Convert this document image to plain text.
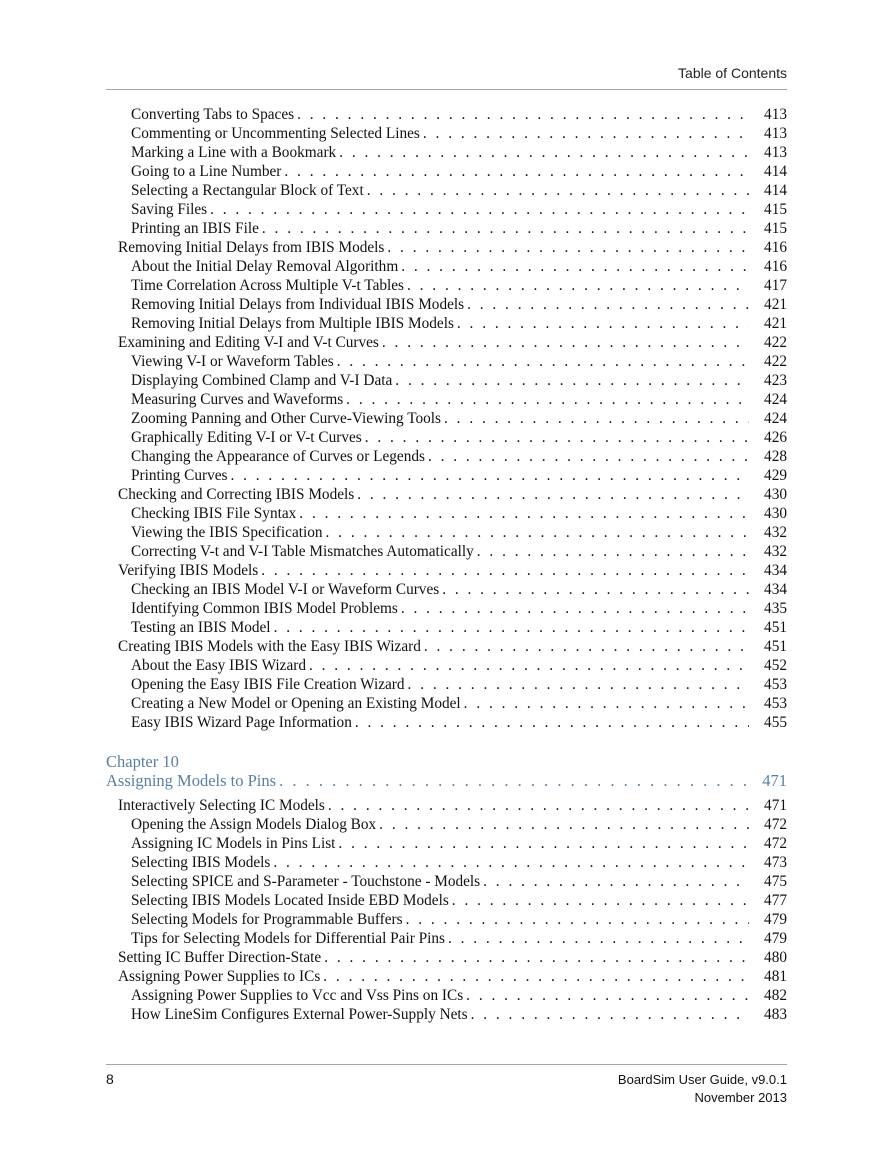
Table of Contents
Converting Tabs to Spaces . . .	413
Commenting or Uncommenting Selected Lines . . .	413
Marking a Line with a Bookmark . . .	413
Going to a Line Number . . .	414
Selecting a Rectangular Block of Text . . .	414
Saving Files . . .	415
Printing an IBIS File . . .	415
Removing Initial Delays from IBIS Models . . .	416
About the Initial Delay Removal Algorithm . . .	416
Time Correlation Across Multiple V-t Tables . . .	417
Removing Initial Delays from Individual IBIS Models . . .	421
Removing Initial Delays from Multiple IBIS Models . . .	421
Examining and Editing V-I and V-t Curves . . .	422
Viewing V-I or Waveform Tables . . .	422
Displaying Combined Clamp and V-I Data . . .	423
Measuring Curves and Waveforms . . .	424
Zooming Panning and Other Curve-Viewing Tools . . .	424
Graphically Editing V-I or V-t Curves . . .	426
Changing the Appearance of Curves or Legends . . .	428
Printing Curves . . .	429
Checking and Correcting IBIS Models . . .	430
Checking IBIS File Syntax . . .	430
Viewing the IBIS Specification . . .	432
Correcting V-t and V-I Table Mismatches Automatically . . .	432
Verifying IBIS Models . . .	434
Checking an IBIS Model V-I or Waveform Curves . . .	434
Identifying Common IBIS Model Problems . . .	435
Testing an IBIS Model . . .	451
Creating IBIS Models with the Easy IBIS Wizard . . .	451
About the Easy IBIS Wizard . . .	452
Opening the Easy IBIS File Creation Wizard . . .	453
Creating a New Model or Opening an Existing Model . . .	453
Easy IBIS Wizard Page Information . . .	455
Chapter 10
Assigning Models to Pins . . .	471
Interactively Selecting IC Models . . .	471
Opening the Assign Models Dialog Box . . .	472
Assigning IC Models in Pins List . . .	472
Selecting IBIS Models . . .	473
Selecting SPICE and S-Parameter - Touchstone - Models . . .	475
Selecting IBIS Models Located Inside EBD Models . . .	477
Selecting Models for Programmable Buffers . . .	479
Tips for Selecting Models for Differential Pair Pins . . .	479
Setting IC Buffer Direction-State . . .	480
Assigning Power Supplies to ICs . . .	481
Assigning Power Supplies to Vcc and Vss Pins on ICs . . .	482
How LineSim Configures External Power-Supply Nets . . .	483
8	BoardSim User Guide, v9.0.1
November 2013
